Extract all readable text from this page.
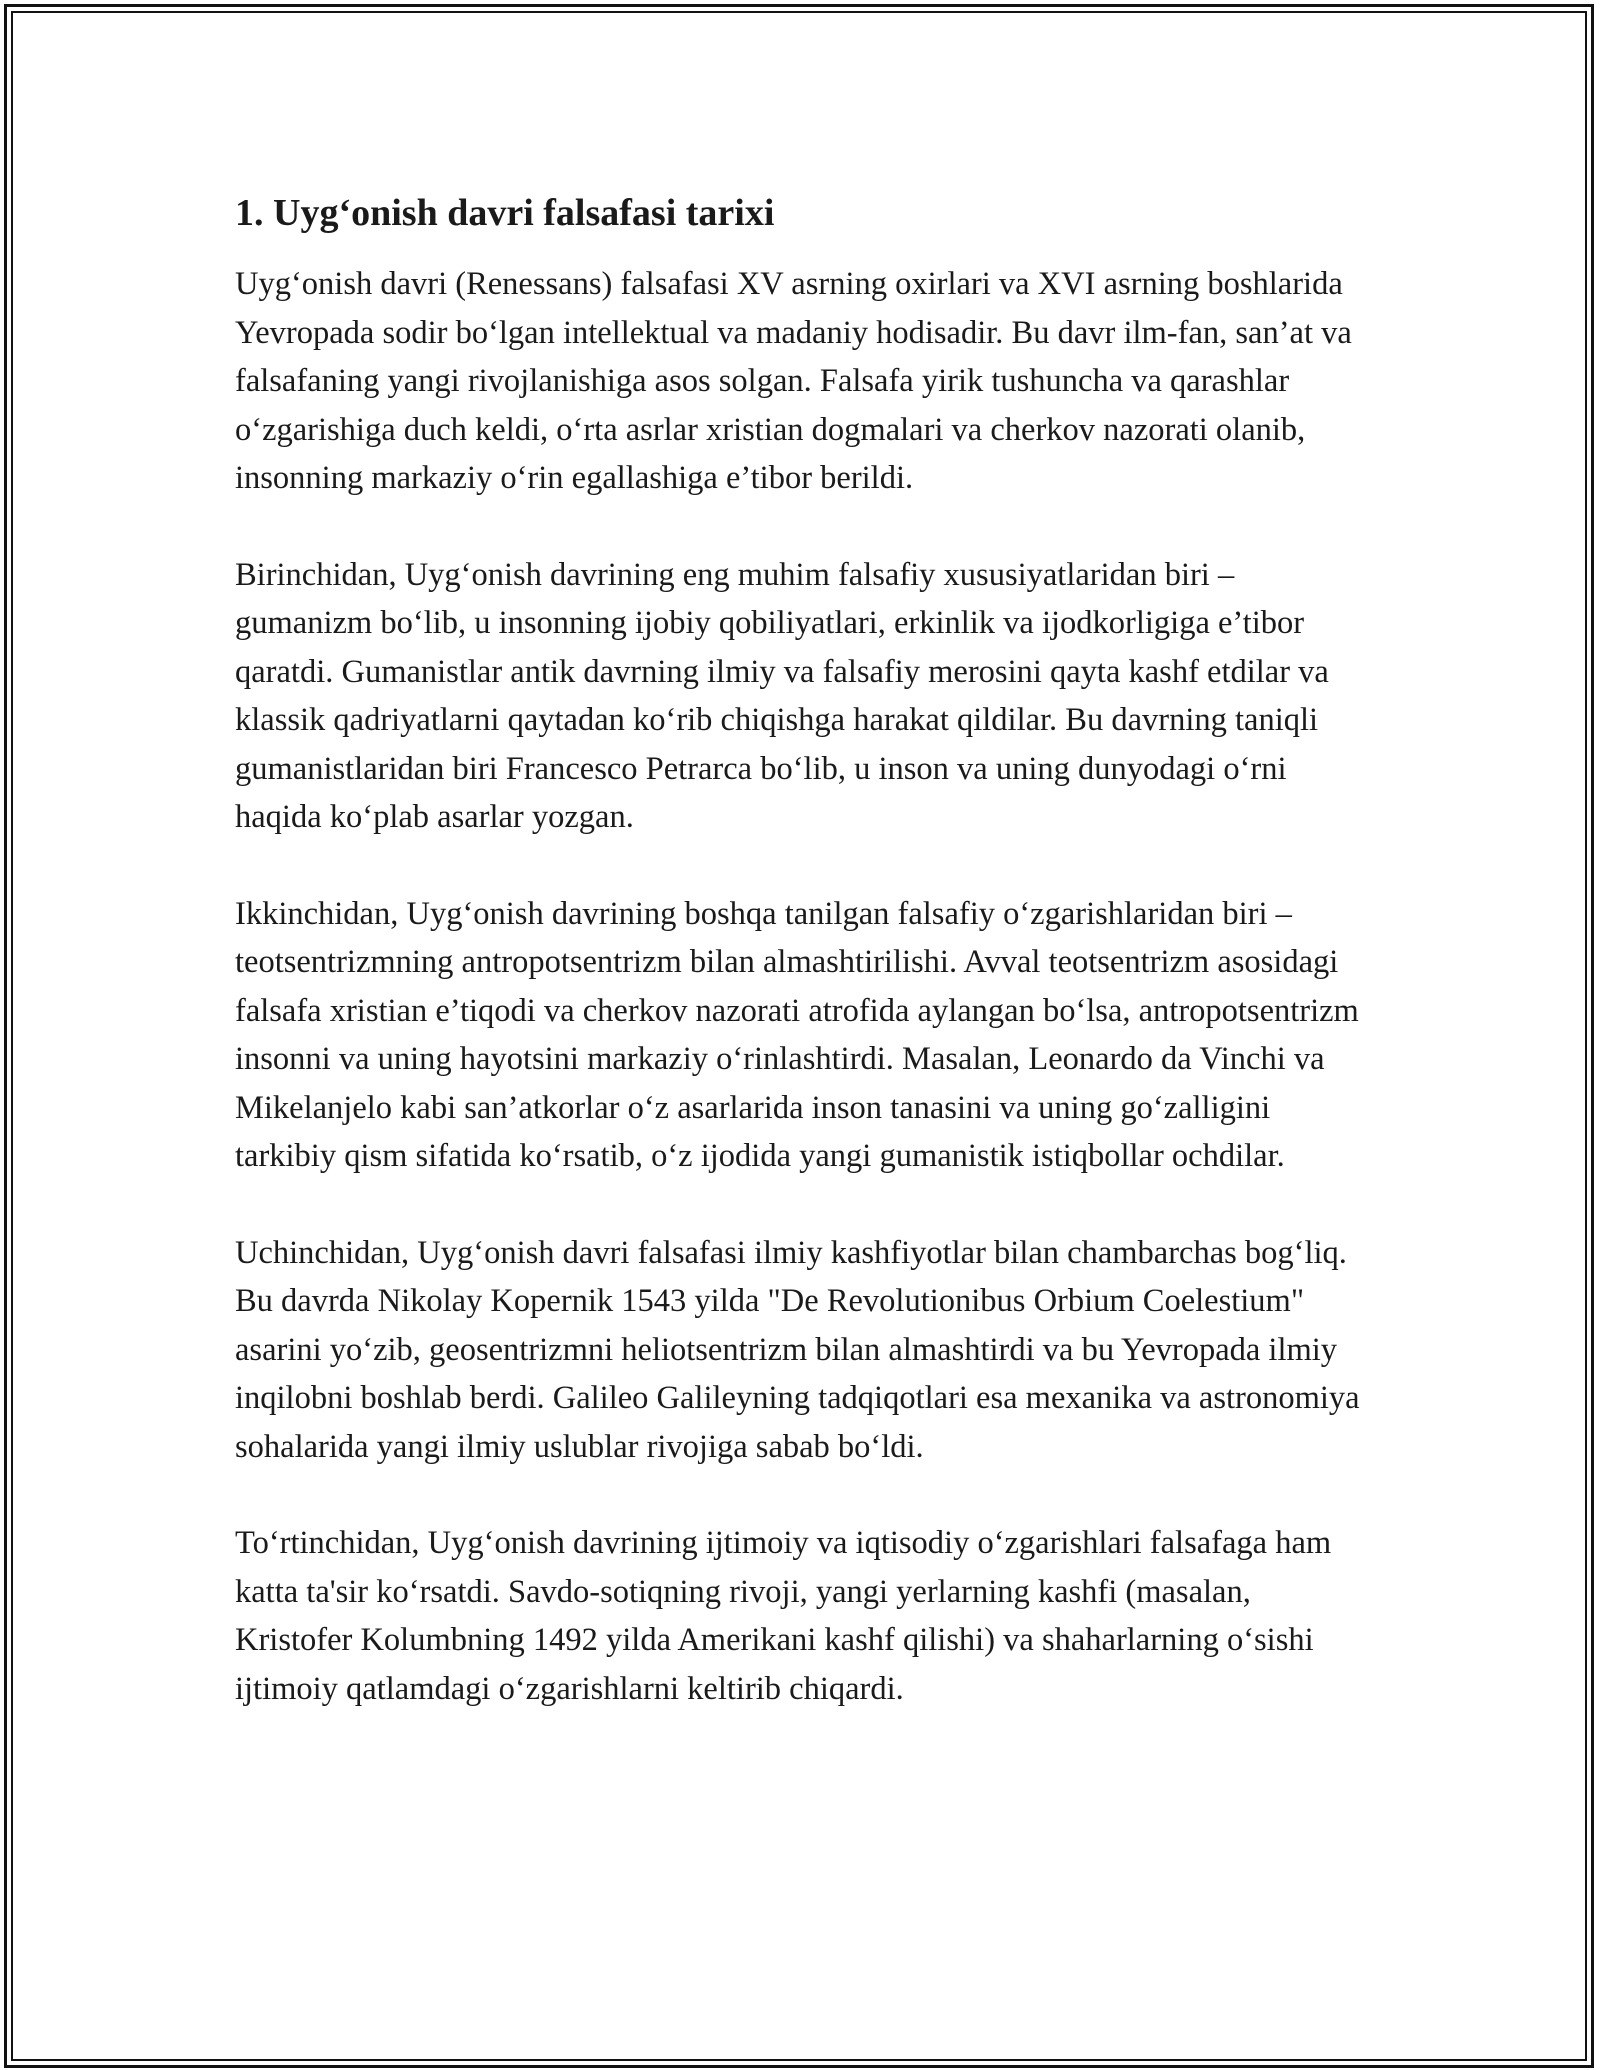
1. Uyg‘onish davri falsafasi tarixi

Uyg‘onish davri (Renessans) falsafasi XV asrning oxirlari va XVI asrning boshlarida Yevropada sodir bo‘lgan intellektual va madaniy hodisadir. Bu davr ilm-fan, san’at va falsafaning yangi rivojlanishiga asos solgan. Falsafa yirik tushuncha va qarashlar o‘zgarishiga duch keldi, o‘rta asrlar xristian dogmalari va cherkov nazorati olanib, insonning markaziy o‘rin egallashiga e’tibor berildi.

Birinchidan, Uyg‘onish davrining eng muhim falsafiy xususiyatlaridan biri – gumanizm bo‘lib, u insonning ijobiy qobiliyatlari, erkinlik va ijodkorligiga e’tibor qaratdi. Gumanistlar antik davrning ilmiy va falsafiy merosini qayta kashf etdilar va klassik qadriyatlarni qaytadan ko‘rib chiqishga harakat qildilar. Bu davrning taniqli gumanistlaridan biri Francesco Petrarca bo‘lib, u inson va uning dunyodagi o‘rni haqida ko‘plab asarlar yozgan.

Ikkinchidan, Uyg‘onish davrining boshqa tanilgan falsafiy o‘zgarishlaridan biri – teotsentrizmning antropotsentrizm bilan almashtirilishi. Avval teotsentrizm asosidagi falsafa xristian e’tiqodi va cherkov nazorati atrofida aylangan bo‘lsa, antropotsentrizm insonni va uning hayotsini markaziy o‘rinlashtirdi. Masalan, Leonardo da Vinchi va Mikelanjelo kabi san’atkorlar o‘z asarlarida inson tanasini va uning go‘zalligini tarkibiy qism sifatida ko‘rsatib, o‘z ijodida yangi gumanistik istiqbollar ochdilar.

Uchinchidan, Uyg‘onish davri falsafasi ilmiy kashfiyotlar bilan chambarchas bog‘liq. Bu davrda Nikolay Kopernik 1543 yilda "De Revolutionibus Orbium Coelestium" asarini yo‘zib, geosentrizmni heliotsentrizm bilan almashtirdi va bu Yevropada ilmiy inqilobni boshlab berdi. Galileo Galileyning tadqiqotlari esa mexanika va astronomiya sohalarida yangi ilmiy uslublar rivojiga sabab bo‘ldi.

To‘rtinchidan, Uyg‘onish davrining ijtimoiy va iqtisodiy o‘zgarishlari falsafaga ham katta ta'sir ko‘rsatdi. Savdo-sotiqning rivoji, yangi yerlarning kashfi (masalan, Kristofer Kolumbning 1492 yilda Amerikani kashf qilishi) va shaharlarning o‘sishi ijtimoiy qatlamdagi o‘zgarishlarni keltirib chiqardi.
